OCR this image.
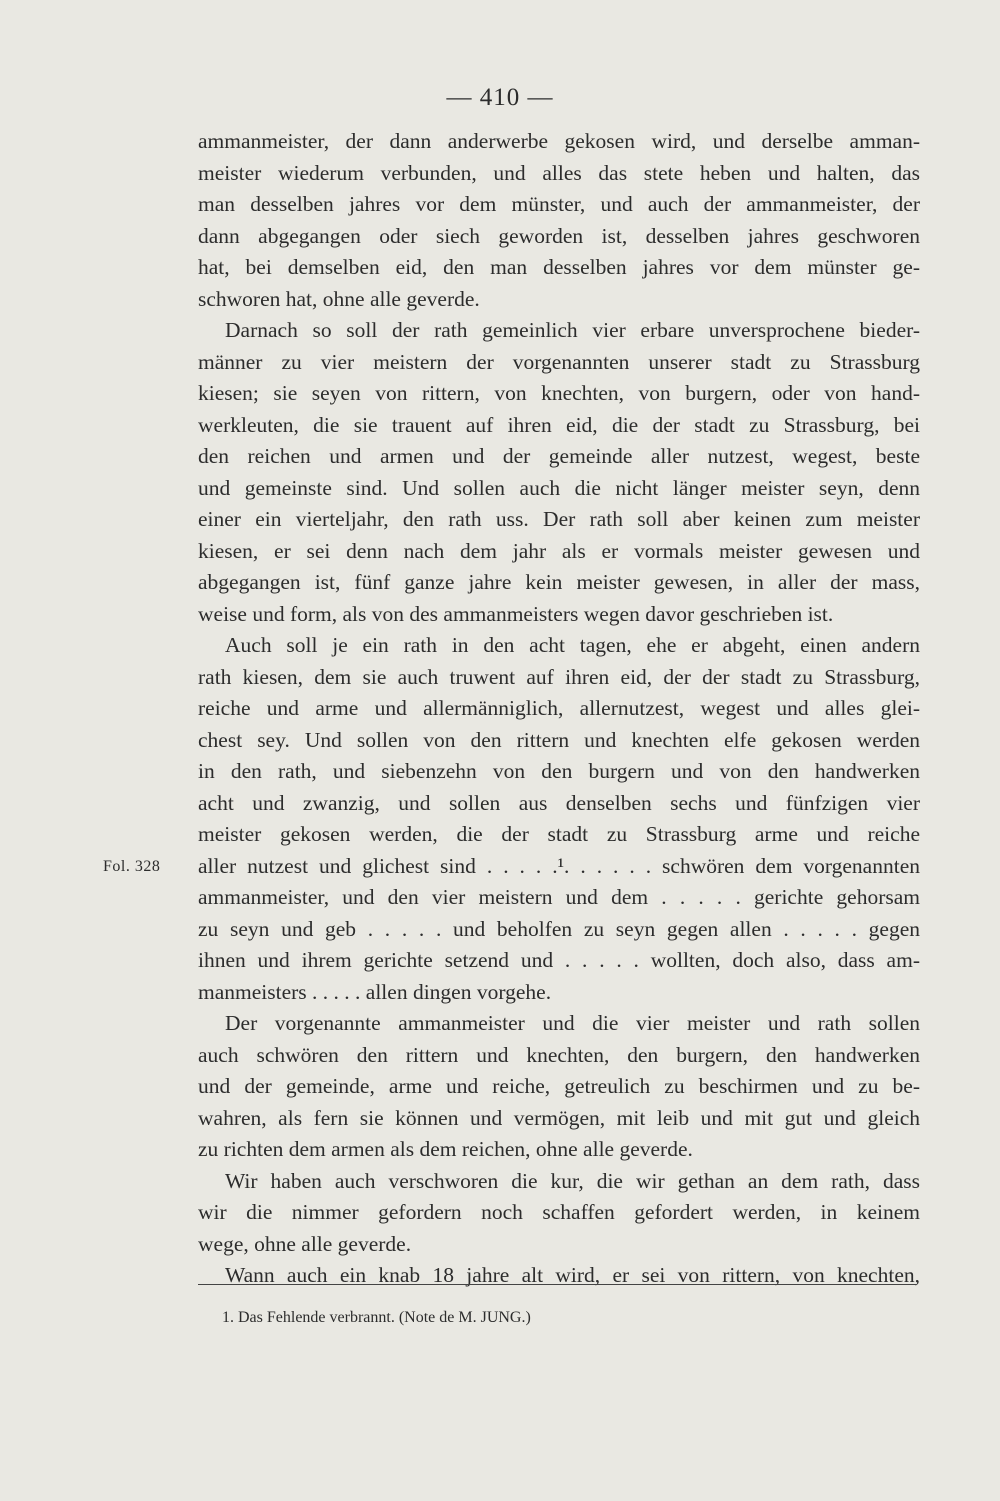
— 410 —
ammanmeister, der dann anderwerbe gekosen wird, und derselbe amman-
meister wiederum verbunden, und alles das stete heben und halten, das
man desselben jahres vor dem münster, und auch der ammanmeister, der
dann abgegangen oder siech geworden ist, desselben jahres geschworen
hat, bei demselben eid, den man desselben jahres vor dem münster ge-
schworen hat, ohne alle geverde.
Darnach so soll der rath gemeinlich vier erbare unversprochene bieder-
männer zu vier meistern der vorgenannten unserer stadt zu Strassburg
kiesen; sie seyen von rittern, von knechten, von burgern, oder von hand-
werkleuten, die sie trauent auf ihren eid, die der stadt zu Strassburg, bei
den reichen und armen und der gemeinde aller nutzest, wegest, beste
und gemeinste sind. Und sollen auch die nicht länger meister seyn, denn
einer ein vierteljahr, den rath uss. Der rath soll aber keinen zum meister
kiesen, er sei denn nach dem jahr als er vormals meister gewesen und
abgegangen ist, fünf ganze jahre kein meister gewesen, in aller der mass,
weise und form, als von des ammanmeisters wegen davor geschrieben ist.
Auch soll je ein rath in den acht tagen, ehe er abgeht, einen andern
rath kiesen, dem sie auch truwent auf ihren eid, der der stadt zu Strassburg,
reiche und arme und allermänniglich, allernutzest, wegest und alles glei-
chest sey. Und sollen von den rittern und knechten elfe gekosen werden
in den rath, und siebenzehn von den burgern und von den handwerken
acht und zwanzig, und sollen aus denselben sechs und fünfzigen vier
meister gekosen werden, die der stadt zu Strassburg arme und reiche
aller nutzest und glichest sind . . . . .¹. . . . . . schwören dem vorgenannten
ammanmeister, und den vier meistern und dem . . . . . gerichte gehorsam
zu seyn und geb . . . . . und beholfen zu seyn gegen allen . . . . . gegen
ihnen und ihrem gerichte setzend und . . . . . wollten, doch also, dass am-
manmeisters . . . . . allen dingen vorgehe.
Der vorgenannte ammanmeister und die vier meister und rath sollen
auch schwören den rittern und knechten, den burgern, den handwerken
und der gemeinde, arme und reiche, getreulich zu beschirmen und zu be-
wahren, als fern sie können und vermögen, mit leib und mit gut und gleich
zu richten dem armen als dem reichen, ohne alle geverde.
Wir haben auch verschworen die kur, die wir gethan an dem rath, dass
wir die nimmer gefordern noch schaffen gefordert werden, in keinem
wege, ohne alle geverde.
Wann auch ein knab 18 jahre alt wird, er sei von rittern, von knechten,
Fol. 328
1. Das Fehlende verbrannt. (Note de M. JUNG.)
